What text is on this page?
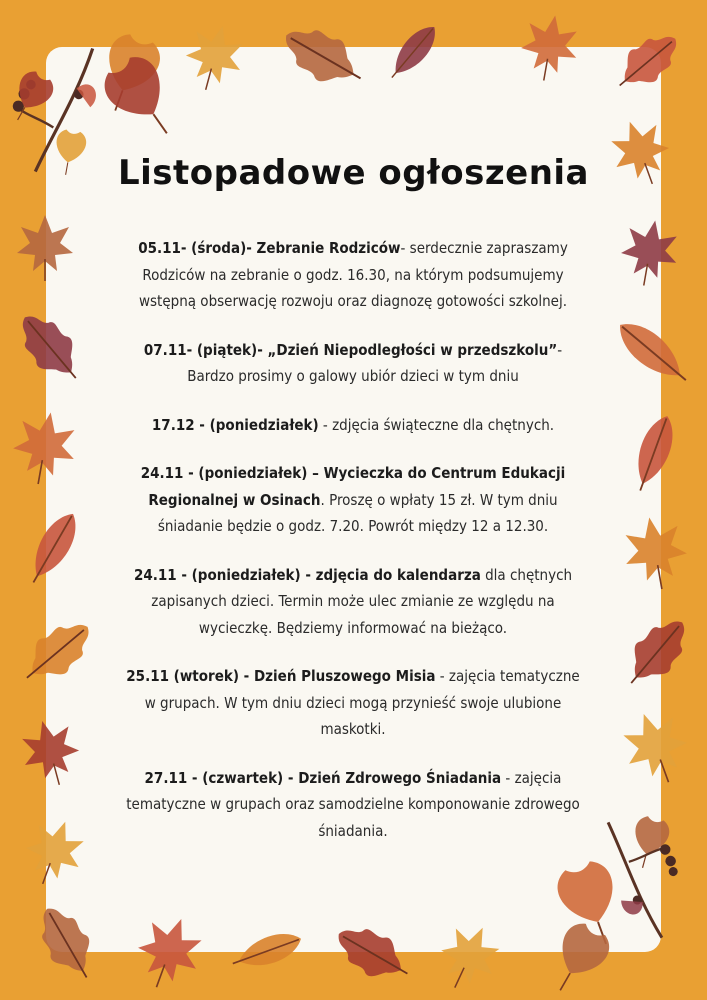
Listopadowe ogłoszenia

05.11- (środa)- Zebranie Rodziców- serdecznie zapraszamy Rodziców na zebranie o godz. 16.30, na którym podsumujemy wstępną obserwację rozwoju oraz diagnozę gotowości szkolnej.

07.11- (piątek)- „Dzień Niepodległości w przedszkolu”- Bardzo prosimy o galowy ubiór dzieci w tym dniu

17.12 - (poniedziałek) - zdjęcia świąteczne dla chętnych.

24.11 - (poniedziałek) – Wycieczka do Centrum Edukacji Regionalnej w Osinach. Proszę o wpłaty 15 zł. W tym dniu śniadanie będzie o godz. 7.20. Powrót między 12 a 12.30.

24.11 - (poniedziałek) - zdjęcia do kalendarza dla chętnych zapisanych dzieci. Termin może ulec zmianie ze względu na wycieczkę. Będziemy informować na bieżąco.

25.11 (wtorek) - Dzień Pluszowego Misia - zajęcia tematyczne w grupach. W tym dniu dzieci mogą przynieść swoje ulubione maskotki.

27.11 - (czwartek) - Dzień Zdrowego Śniadania - zajęcia tematyczne w grupach oraz samodzielne komponowanie zdrowego śniadania.
